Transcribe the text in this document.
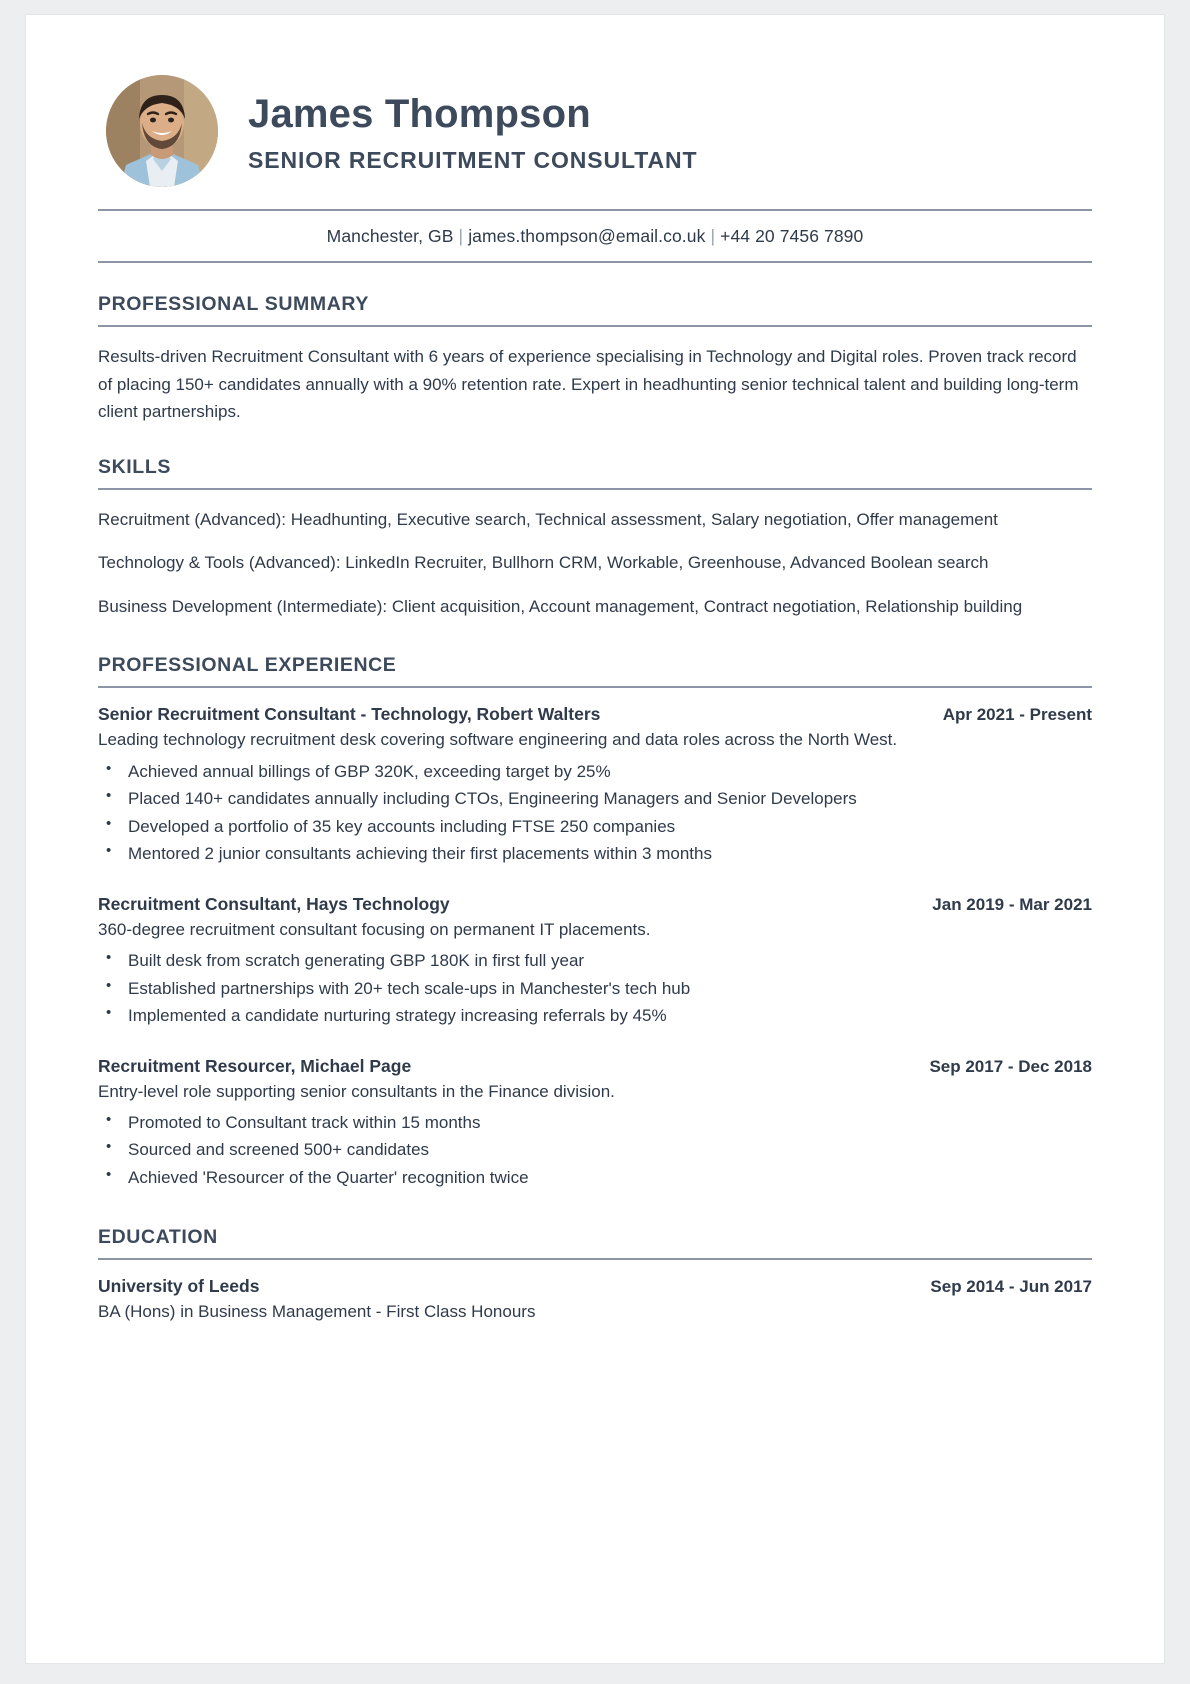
James Thompson
SENIOR RECRUITMENT CONSULTANT
Manchester, GB | james.thompson@email.co.uk | +44 20 7456 7890
PROFESSIONAL SUMMARY

Results-driven Recruitment Consultant with 6 years of experience specialising in Technology and Digital roles. Proven track record of placing 150+ candidates annually with a 90% retention rate. Expert in headhunting senior technical talent and building long-term client partnerships.

SKILLS

Recruitment (Advanced): Headhunting, Executive search, Technical assessment, Salary negotiation, Offer management

Technology & Tools (Advanced): LinkedIn Recruiter, Bullhorn CRM, Workable, Greenhouse, Advanced Boolean search

Business Development (Intermediate): Client acquisition, Account management, Contract negotiation, Relationship building

PROFESSIONAL EXPERIENCE
Senior Recruitment Consultant - Technology, Robert Walters	Apr 2021 - Present
Leading technology recruitment desk covering software engineering and data roles across the North West.
• Achieved annual billings of GBP 320K, exceeding target by 25%
• Placed 140+ candidates annually including CTOs, Engineering Managers and Senior Developers
• Developed a portfolio of 35 key accounts including FTSE 250 companies
• Mentored 2 junior consultants achieving their first placements within 3 months
Recruitment Consultant, Hays Technology	Jan 2019 - Mar 2021
360-degree recruitment consultant focusing on permanent IT placements.
• Built desk from scratch generating GBP 180K in first full year
• Established partnerships with 20+ tech scale-ups in Manchester's tech hub
• Implemented a candidate nurturing strategy increasing referrals by 45%
Recruitment Resourcer, Michael Page	Sep 2017 - Dec 2018
Entry-level role supporting senior consultants in the Finance division.
• Promoted to Consultant track within 15 months
• Sourced and screened 500+ candidates
• Achieved 'Resourcer of the Quarter' recognition twice
EDUCATION
University of Leeds	Sep 2014 - Jun 2017
BA (Hons) in Business Management - First Class Honours
